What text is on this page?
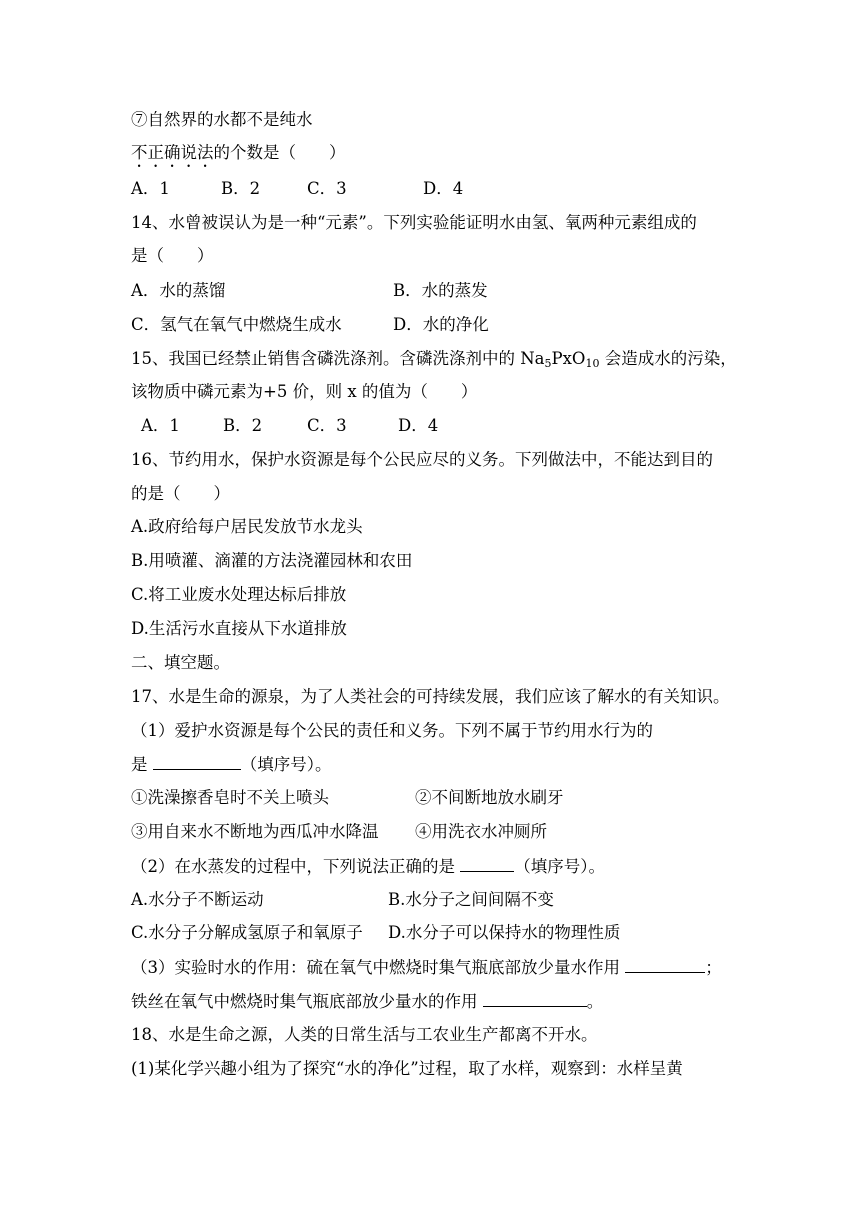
⑦自然界的水都不是纯水
不正确说法的个数是（　　）
A．1	B．2	C．3	D．4
14、水曾被误认为是一种“元素”。下列实验能证明水由氢、氧两种元素组成的
是（　　）
A．水的蒸馏	B．水的蒸发
C．氢气在氧气中燃烧生成水	D．水的净化
15、我国已经禁止销售含磷洗涤剂。含磷洗涤剂中的 $Na_5PxO_{10}$ 会造成水的污染，
该物质中磷元素为+5 价，则 x 的值为（　　）
A．1	B．2	C．3	D．4
16、节约用水，保护水资源是每个公民应尽的义务。下列做法中，不能达到目的
的是（　　）
A.政府给每户居民发放节水龙头
B.用喷灌、滴灌的方法浇灌园林和农田
C.将工业废水处理达标后排放
D.生活污水直接从下水道排放
二、填空题。
17、水是生命的源泉，为了人类社会的可持续发展，我们应该了解水的有关知识。
（1）爱护水资源是每个公民的责任和义务。下列不属于节约用水行为的
是	（填序号）。
①洗澡擦香皂时不关上喷头	②不间断地放水刷牙
③用自来水不断地为西瓜冲水降温 ④用洗衣水冲厕所
（2）在水蒸发的过程中，下列说法正确的是	（填序号）。
A.水分子不断运动	B.水分子之间间隔不变
C.水分子分解成氢原子和氧原子 D.水分子可以保持水的物理性质
（3）实验时水的作用：硫在氧气中燃烧时集气瓶底部放少量水作用	；
铁丝在氧气中燃烧时集气瓶底部放少量水的作用	。
18、水是生命之源，人类的日常生活与工农业生产都离不开水。
(1)某化学兴趣小组为了探究“水的净化”过程，取了水样，观察到：水样呈黄
